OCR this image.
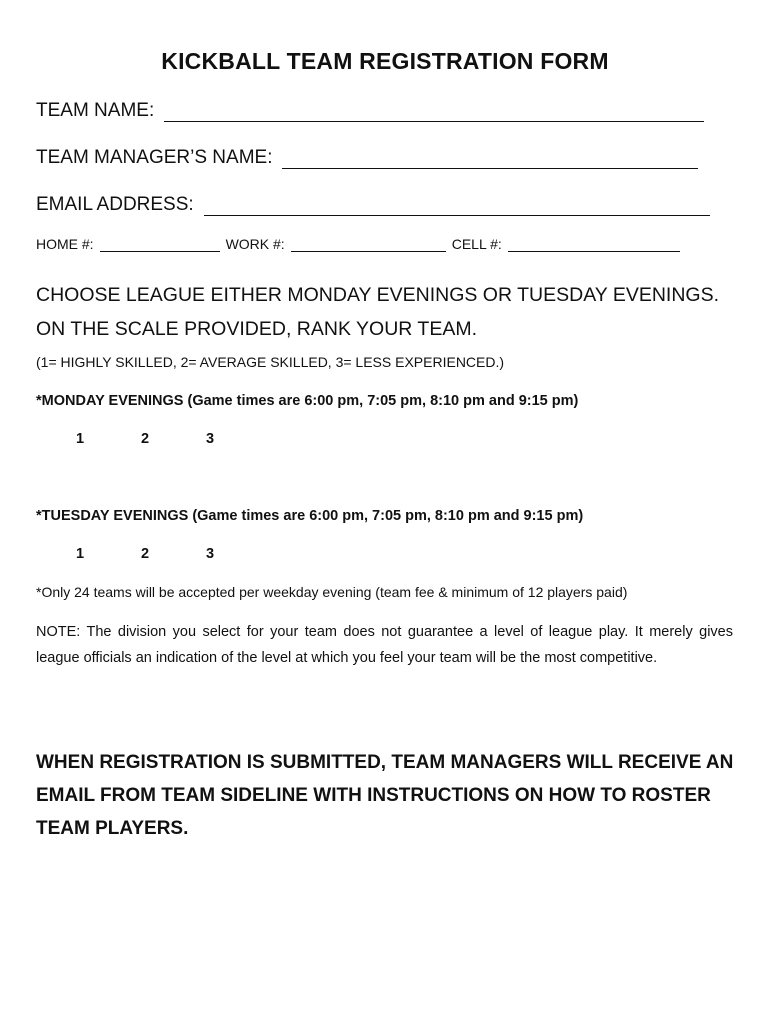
KICKBALL TEAM REGISTRATION FORM
TEAM NAME:
TEAM MANAGER’S NAME:
EMAIL ADDRESS:
HOME #:	WORK #:	CELL #:
CHOOSE LEAGUE EITHER MONDAY EVENINGS OR TUESDAY EVENINGS.
ON THE SCALE PROVIDED, RANK YOUR TEAM.
(1= HIGHLY SKILLED, 2= AVERAGE SKILLED, 3= LESS EXPERIENCED.)
*MONDAY EVENINGS (Game times are 6:00 pm, 7:05 pm, 8:10 pm and 9:15 pm)
1	2	3
*TUESDAY EVENINGS (Game times are 6:00 pm, 7:05 pm, 8:10 pm and 9:15 pm)
1	2	3
*Only 24 teams will be accepted per weekday evening (team fee & minimum of 12 players paid)
NOTE: The division you select for your team does not guarantee a level of league play. It merely gives league officials an indication of the level at which you feel your team will be the most competitive.
WHEN REGISTRATION IS SUBMITTED, TEAM MANAGERS WILL RECEIVE AN EMAIL FROM TEAM SIDELINE WITH INSTRUCTIONS ON HOW TO ROSTER TEAM PLAYERS.
